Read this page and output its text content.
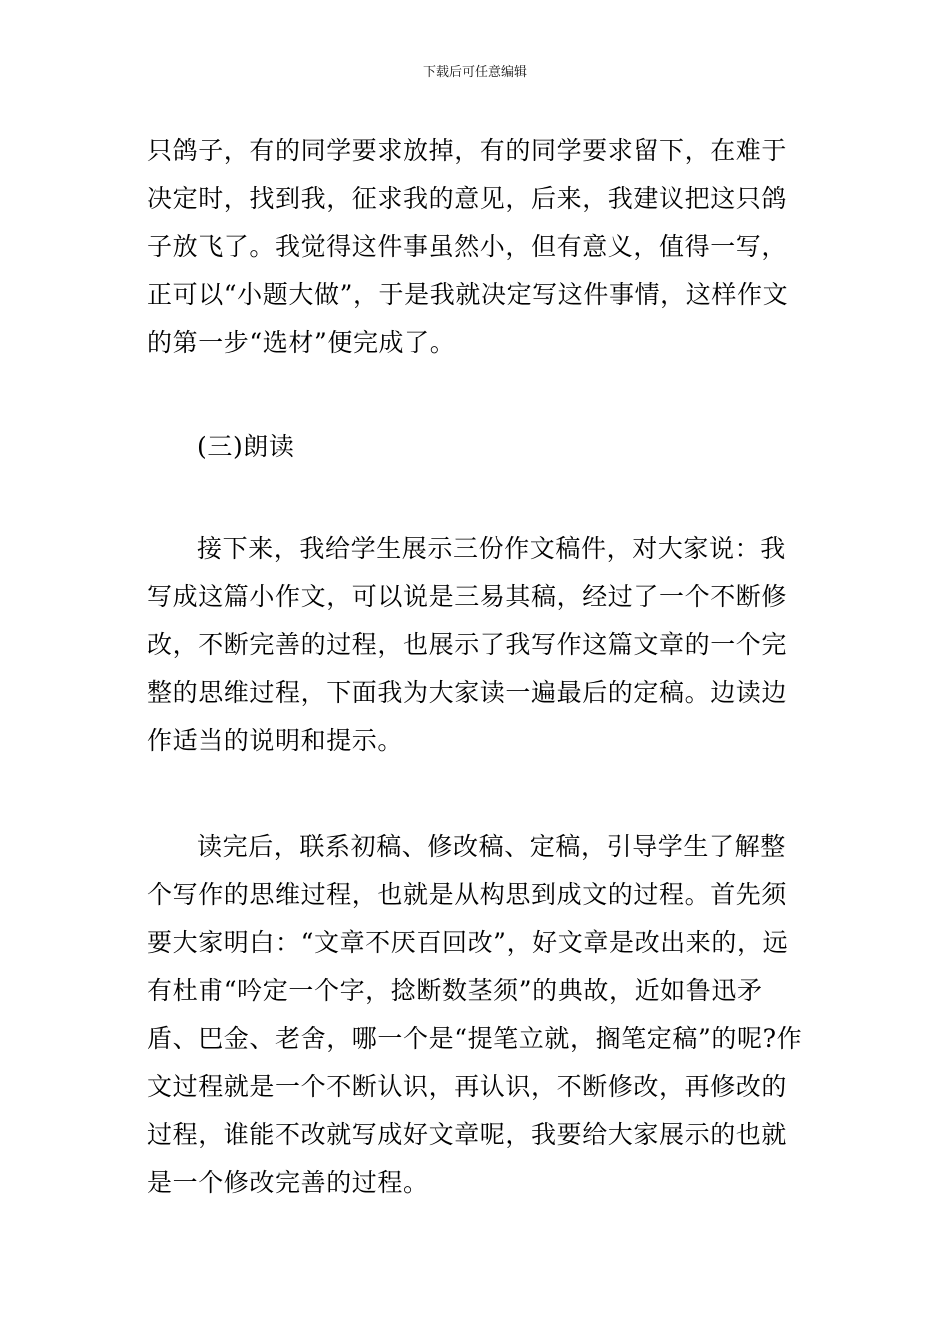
下载后可任意编辑
只鸽子，有的同学要求放掉，有的同学要求留下，在难于决定时，找到我，征求我的意见，后来，我建议把这只鸽子放飞了。我觉得这件事虽然小，但有意义，值得一写，正可以“小题大做”，于是我就决定写这件事情，这样作文的第一步“选材”便完成了。
(三)朗读
接下来，我给学生展示三份作文稿件，对大家说：我写成这篇小作文，可以说是三易其稿，经过了一个不断修改，不断完善的过程，也展示了我写作这篇文章的一个完整的思维过程，下面我为大家读一遍最后的定稿。边读边作适当的说明和提示。
读完后，联系初稿、修改稿、定稿，引导学生了解整个写作的思维过程，也就是从构思到成文的过程。首先须要大家明白：“文章不厌百回改”，好文章是改出来的，远有杜甫“吟定一个字，捻断数茎须”的典故，近如鲁迅矛盾、巴金、老舍，哪一个是“提笔立就，搁笔定稿”的呢?作文过程就是一个不断认识，再认识，不断修改，再修改的过程，谁能不改就写成好文章呢，我要给大家展示的也就是一个修改完善的过程。
